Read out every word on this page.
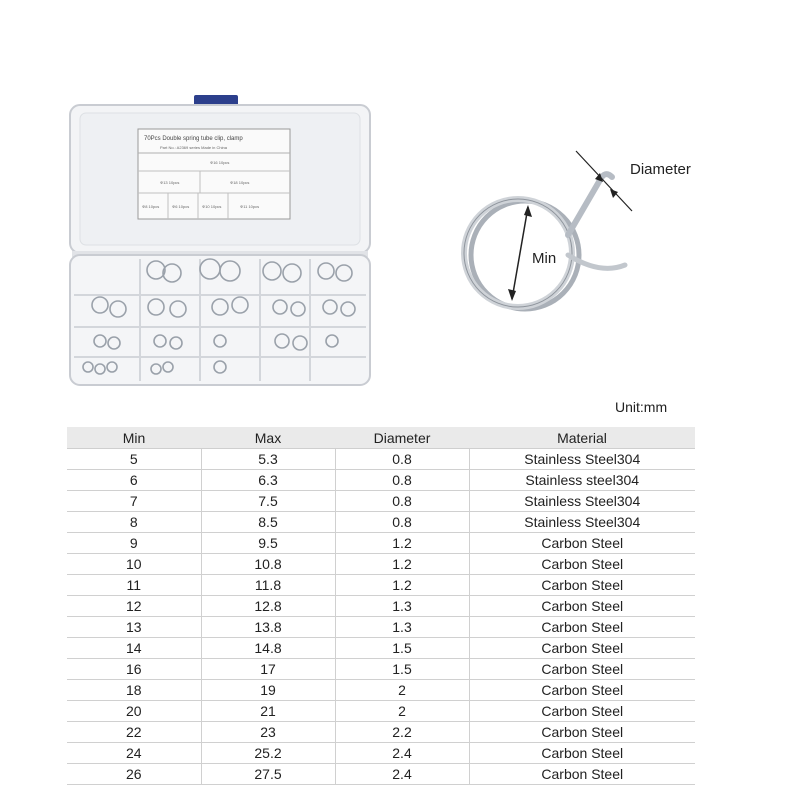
70Pcs Double spring tube clip, clamp
Part No.: A2369 series Made in China
Φ16 10pcs
Φ13 10pcs	Φ18 10pcs
Φ8 10pcs	Φ6 10pcs	Φ10 10pcs	Φ11 10pcs
Diameter
Min
Unit:mm
Min	Max	Diameter	Material
5	5.3	0.8	Stainless Steel304
6	6.3	0.8	Stainless steel304
7	7.5	0.8	Stainless Steel304
8	8.5	0.8	Stainless Steel304
9	9.5	1.2	Carbon Steel
10	10.8	1.2	Carbon Steel
11	11.8	1.2	Carbon Steel
12	12.8	1.3	Carbon Steel
13	13.8	1.3	Carbon Steel
14	14.8	1.5	Carbon Steel
16	17	1.5	Carbon Steel
18	19	2	Carbon Steel
20	21	2	Carbon Steel
22	23	2.2	Carbon Steel
24	25.2	2.4	Carbon Steel
26	27.5	2.4	Carbon Steel
